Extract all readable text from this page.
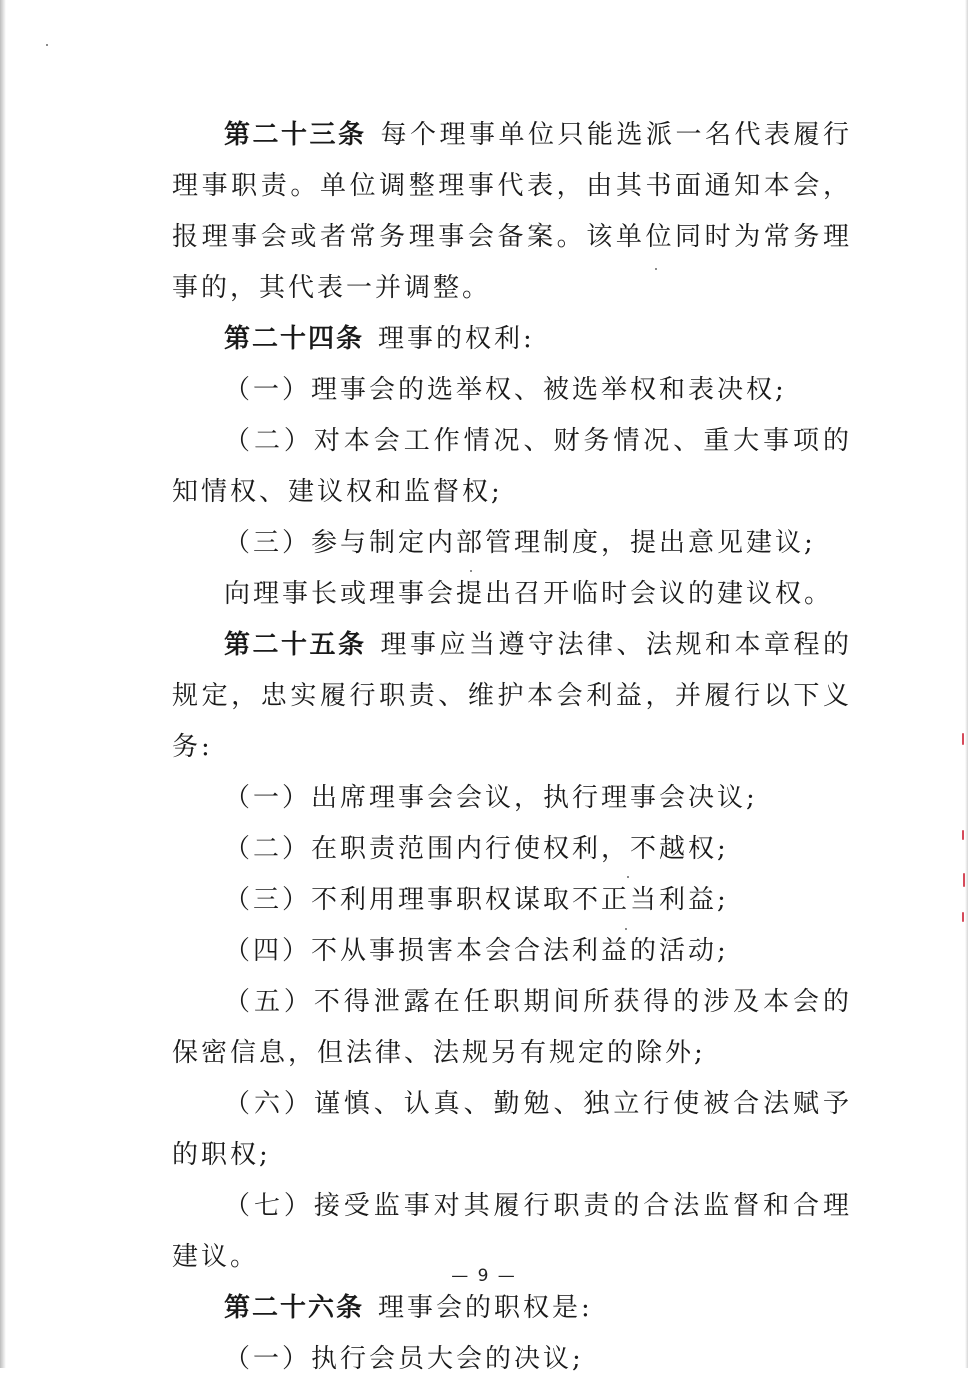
第二十三条 每个理事单位只能选派一名代表履行理事职责。单位调整理事代表，由其书面通知本会，报理事会或者常务理事会备案。该单位同时为常务理事的，其代表一并调整。

第二十四条 理事的权利:

（一）理事会的选举权、被选举权和表决权;

（二）对本会工作情况、财务情况、重大事项的知情权、建议权和监督权;

（三）参与制定内部管理制度，提出意见建议;

向理事长或理事会提出召开临时会议的建议权。

第二十五条 理事应当遵守法律、法规和本章程的规定，忠实履行职责、维护本会利益，并履行以下义务:

（一）出席理事会会议，执行理事会决议;

（二）在职责范围内行使权利，不越权;

（三）不利用理事职权谋取不正当利益;

（四）不从事损害本会合法利益的活动;

（五）不得泄露在任职期间所获得的涉及本会的保密信息，但法律、法规另有规定的除外;

（六）谨慎、认真、勤勉、独立行使被合法赋予的职权;

（七）接受监事对其履行职责的合法监督和合理建议。

第二十六条 理事会的职权是:

（一）执行会员大会的决议;

— 9 —
